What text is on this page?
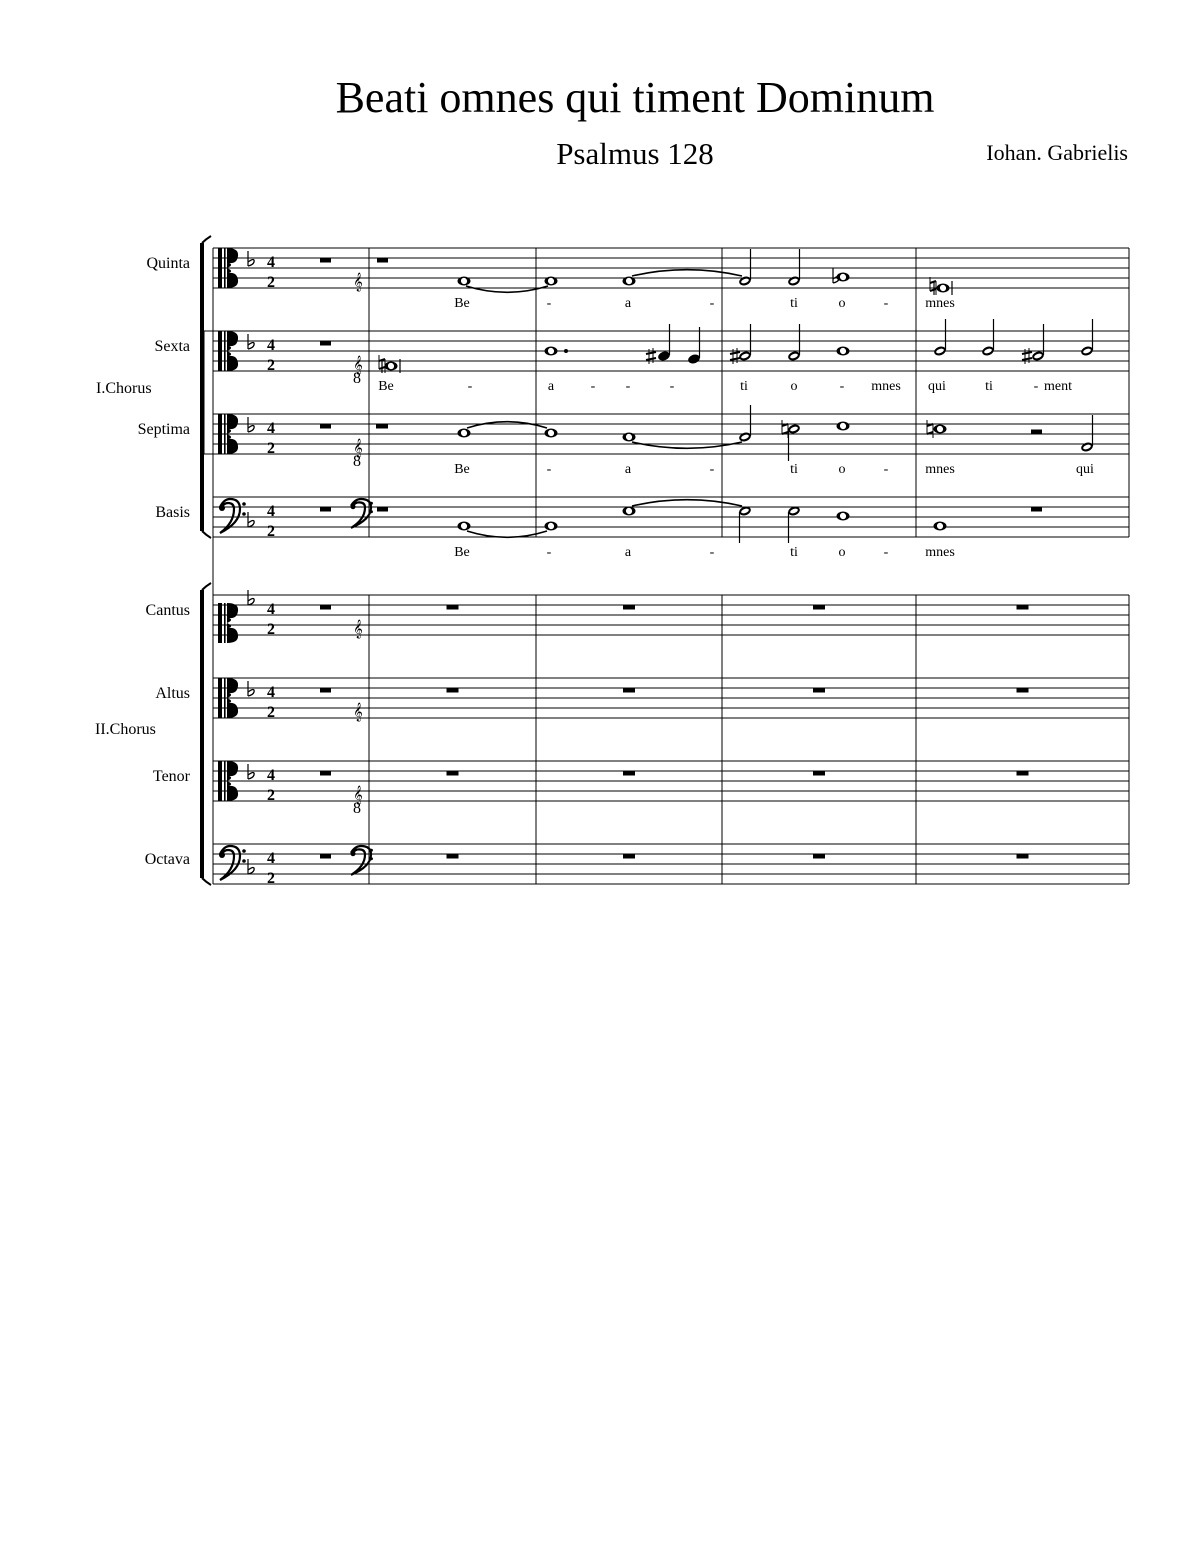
Beati omnes qui timent Dominum
Psalmus 128	Iohan. Gabrielis
Quinta
Sexta
Septima
Basis
Cantus
Altus
Tenor
Octava
I.Chorus
II.Chorus
4
2	𝄞
4
2	𝄞
8
4
2	𝄞
8
4
2
4
2	𝄞
4
2	𝄞
4
2	𝄞
8
4
2
Be	-	a	-	ti	o	-	mnes
Be	-	a	- -	-	ti	o	- mnes qui	ti	- ment
Be	-	a	-	ti	o	-	mnes	qui
Be	-	a	-	ti	o	-	mnes
